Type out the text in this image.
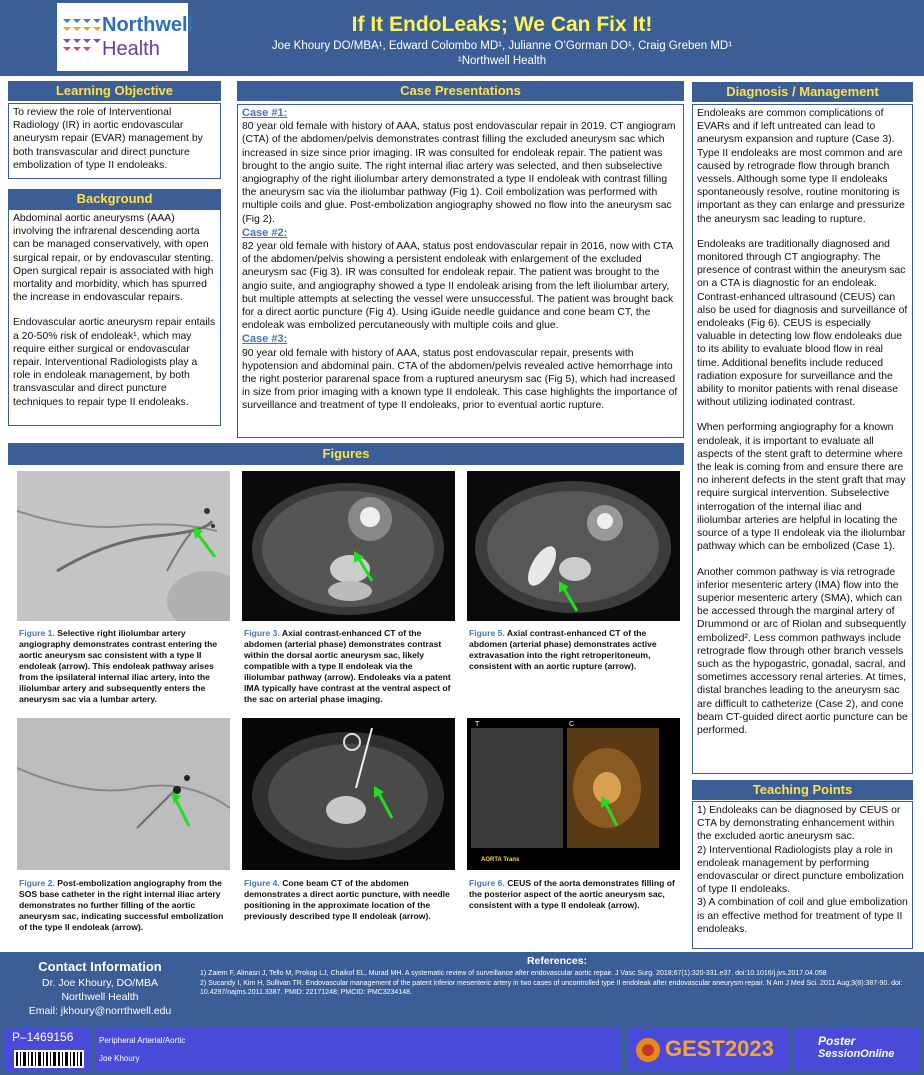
Northwell
Health
If It EndoLeaks; We Can Fix It!
Joe Khoury DO/MBA¹, Edward Colombo MD¹, Julianne O’Gorman DO¹, Craig Greben MD¹
¹Northwell Health
Learning Objective
To review the role of Interventional Radiology (IR) in aortic endovascular aneurysm repair (EVAR) management by both transvascular and direct puncture embolization of type II endoleaks.
Background

Abdominal aortic aneurysms (AAA) involving the infrarenal descending aorta can be managed conservatively, with open surgical repair, or by endovascular stenting. Open surgical repair is associated with high mortality and morbidity, which has spurred the increase in endovascular repairs.

Endovascular aortic aneurysm repair entails a 20-50% risk of endoleak¹, which may require either surgical or endovascular repair. Interventional Radiologists play a role in endoleak management, by both transvascular and direct puncture techniques to repair type II endoleaks.

Case Presentations
Case #1:
80 year old female with history of AAA, status post endovascular repair in 2019. CT angiogram (CTA) of the abdomen/pelvis demonstrates contrast filling the excluded aneurysm sac which increased in size since prior imaging. IR was consulted for endoleak repair. The patient was brought to the angio suite. The right internal iliac artery was selected, and then subselective angiography of the right iliolumbar artery demonstrated a type II endoleak with contrast filling the aneurysm sac via the iliolumbar pathway (Fig 1). Coil embolization was performed with multiple coils and glue. Post-embolization angiography showed no flow into the aneurysm sac (Fig 2).
Case #2:
82 year old female with history of AAA, status post endovascular repair in 2016, now with CTA of the abdomen/pelvis showing a persistent endoleak with enlargement of the excluded aneurysm sac (Fig 3). IR was consulted for endoleak repair. The patient was brought to the angio suite, and angiography showed a type II endoleak arising from the left iliolumbar artery, but multiple attempts at selecting the vessel were unsuccessful. The patient was brought back for a direct aortic puncture (Fig 4). Using iGuide needle guidance and cone beam CT, the endoleak was embolized percutaneously with multiple coils and glue.
Case #3:
90 year old female with history of AAA, status post endovascular repair, presents with hypotension and abdominal pain. CTA of the abdomen/pelvis revealed active hemorrhage into the right posterior pararenal space from a ruptured aneurysm sac (Fig 5), which had increased in size from prior imaging with a known type II endoleak. This case highlights the importance of surveillance and treatment of type II endoleaks, prior to eventual aortic rupture.
Diagnosis / Management

Endoleaks are common complications of EVARs and if left untreated can lead to aneurysm expansion and rupture (Case 3). Type II endoleaks are most common and are caused by retrograde flow through branch vessels. Although some type II endoleaks spontaneously resolve, routine monitoring is important as they can enlarge and pressurize the aneurysm sac leading to rupture.

Endoleaks are traditionally diagnosed and monitored through CT angiography. The presence of contrast within the aneurysm sac on a CTA is diagnostic for an endoleak. Contrast-enhanced ultrasound (CEUS) can also be used for diagnosis and surveillance of endoleaks (Fig 6). CEUS is especially valuable in detecting low flow endoleaks due to its ability to evaluate blood flow in real time. Additional benefits include reduced radiation exposure for surveillance and the ability to monitor patients with renal disease without utilizing iodinated contrast.

When performing angiography for a known endoleak, it is important to evaluate all aspects of the stent graft to determine where the leak is coming from and ensure there are no inherent defects in the stent graft that may require surgical intervention. Subselective interrogation of the internal iliac and iliolumbar arteries are helpful in locating the source of a type II endoleak via the iliolumbar pathway which can be embolized (Case 1).

Another common pathway is via retrograde inferior mesenteric artery (IMA) flow into the superior mesenteric artery (SMA), which can be accessed through the marginal artery of Drummond or arc of Riolan and subsequently embolized². Less common pathways include retrograde flow through other branch vessels such as the hypogastric, gonadal, sacral, and sometimes accessory renal arteries. At times, distal branches leading to the aneurysm sac are difficult to catheterize (Case 2), and cone beam CT-guided direct aortic puncture can be performed.

Teaching Points
1) Endoleaks can be diagnosed by CEUS or CTA by demonstrating enhancement within the excluded aortic aneurysm sac.
2) Interventional Radiologists play a role in endoleak management by performing endovascular or direct puncture embolization of type II endoleaks.
3) A combination of coil and glue embolization is an effective method for treatment of type II endoleaks.
Figures
Figure 1. Selective right iliolumbar artery angiography demonstrates contrast entering the aortic aneurysm sac consistent with a type II endoleak (arrow). This endoleak pathway arises from the ipsilateral internal iliac artery, into the iliolumbar artery and subsequently enters the aneurysm sac via a lumbar artery.
Figure 3. Axial contrast-enhanced CT of the abdomen (arterial phase) demonstrates contrast within the dorsal aortic aneurysm sac, likely compatible with a type II endoleak via the iliolumbar pathway (arrow). Endoleaks via a patent IMA typically have contrast at the ventral aspect of the sac on arterial phase imaging.
Figure 5. Axial contrast-enhanced CT of the abdomen (arterial phase) demonstrates active extravasation into the right retroperitoneum, consistent with an aortic rupture (arrow).
Figure 2. Post-embolization angiography from the SOS base catheter in the right internal iliac artery demonstrates no further filling of the aortic aneurysm sac, indicating successful embolization of the type II endoleak (arrow).
Figure 4. Cone beam CT of the abdomen demonstrates a direct aortic puncture, with needle positioning in the approximate location of the previously described type II endoleak (arrow).
T	C
AORTA Trans
Figure 6. CEUS of the aorta demonstrates filling of the posterior aspect of the aortic aneurysm sac, consistent with a type II endoleak (arrow).
Contact Information
Dr. Joe Khoury, DO/MBA
Northwell Health
Email: jkhoury@norrthwell.edu
References:
1) Zaiem F, Almasri J, Tello M, Prokop LJ, Chaikof EL, Murad MH. A systematic review of surveillance after endovascular aortic repair. J Vasc Surg. 2018;67(1):320-331.e37. doi:10.1016/j.jvs.2017.04.058
2) Sucandy I, Kim H, Sullivan TR. Endovascular management of the patent inferior mesenteric artery in two cases of uncontrolled type II endoleak after endovascular aneurysm repair. N Am J Med Sci. 2011 Aug;3(8):387-90. doi: 10.4297/najms.2011.3387. PMID: 22171248; PMCID: PMC3234148.
P–1469156	Peripheral Arterial/Aortic
Joe Khoury	GEST2023	Poster
SessionOnline
